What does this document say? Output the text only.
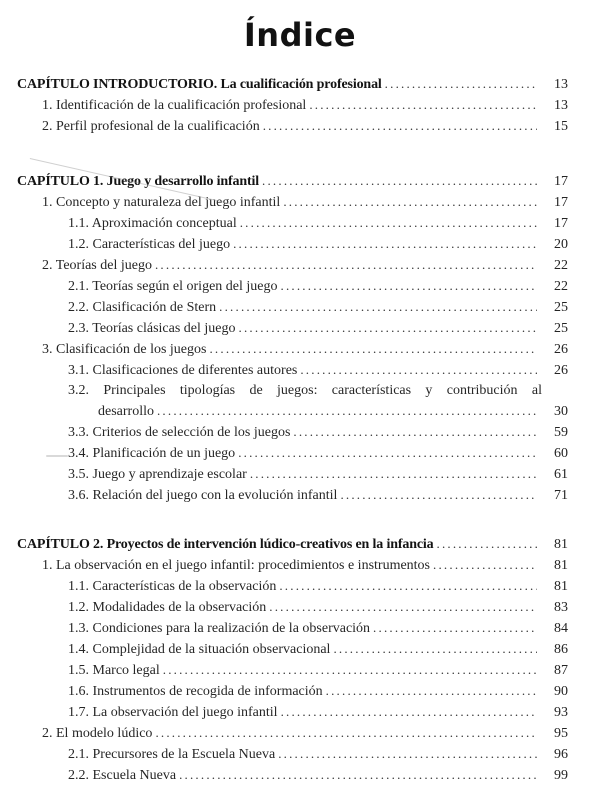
Índice
CAPÍTULO INTRODUCTORIO. La cualificación profesional .....	13
1. Identificación de la cualificación profesional .....	13
2. Perfil profesional de la cualificación .....	15
CAPÍTULO 1. Juego y desarrollo infantil .....	17
1. Concepto y naturaleza del juego infantil .....	17
1.1. Aproximación conceptual .....	17
1.2. Características del juego .....	20
2. Teorías del juego .....	22
2.1. Teorías según el origen del juego .....	22
2.2. Clasificación de Stern .....	25
2.3. Teorías clásicas del juego .....	25
3. Clasificación de los juegos .....	26
3.1. Clasificaciones de diferentes autores .....	26
3.2. Principales tipologías de juegos: características y contribución al
desarrollo .....	30
3.3. Criterios de selección de los juegos .....	59
3.4. Planificación de un juego .....	60
3.5. Juego y aprendizaje escolar .....	61
3.6. Relación del juego con la evolución infantil .....	71
CAPÍTULO 2. Proyectos de intervención lúdico-creativos en la infancia .....	81
1. La observación en el juego infantil: procedimientos e instrumentos .....	81
1.1. Características de la observación .....	81
1.2. Modalidades de la observación .....	83
1.3. Condiciones para la realización de la observación .....	84
1.4. Complejidad de la situación observacional .....	86
1.5. Marco legal .....	87
1.6. Instrumentos de recogida de información .....	90
1.7. La observación del juego infantil .....	93
2. El modelo lúdico .....	95
2.1. Precursores de la Escuela Nueva .....	96
2.2. Escuela Nueva .....	99
